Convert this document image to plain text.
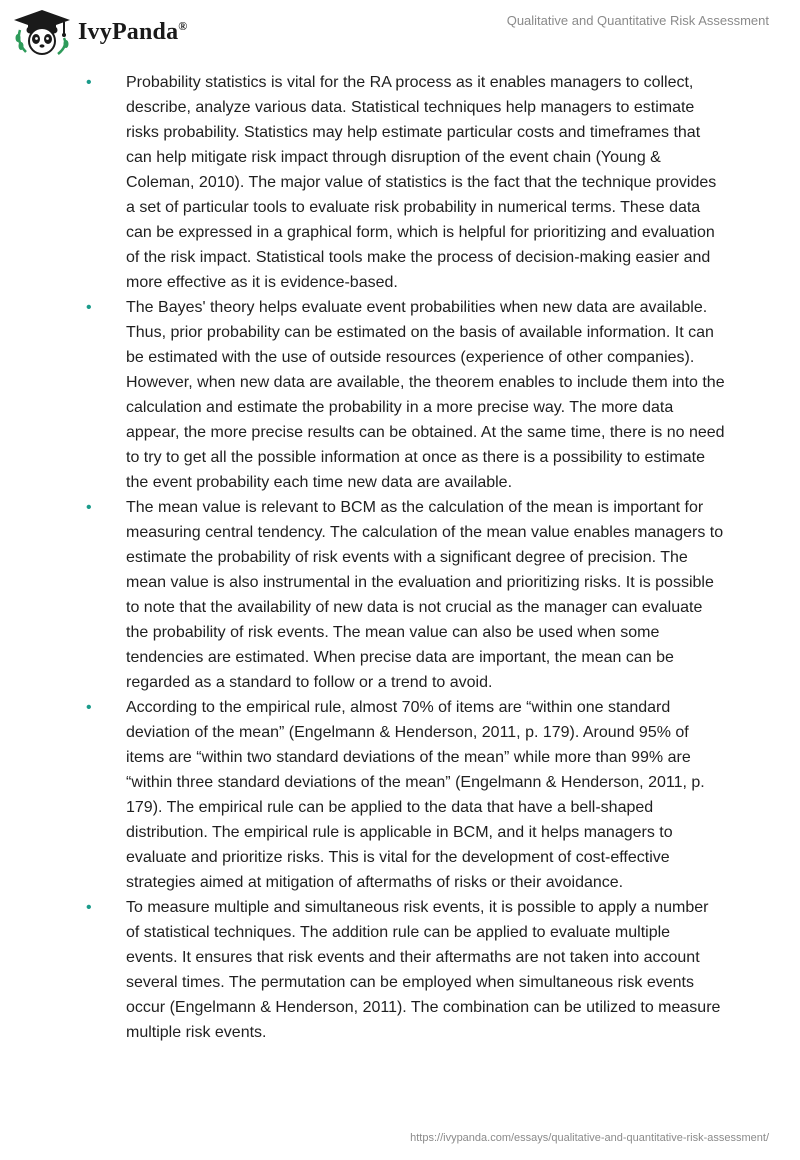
IvyPanda®	Qualitative and Quantitative Risk Assessment
• Probability statistics is vital for the RA process as it enables managers to collect, describe, analyze various data. Statistical techniques help managers to estimate risks probability. Statistics may help estimate particular costs and timeframes that can help mitigate risk impact through disruption of the event chain (Young & Coleman, 2010). The major value of statistics is the fact that the technique provides a set of particular tools to evaluate risk probability in numerical terms. These data can be expressed in a graphical form, which is helpful for prioritizing and evaluation of the risk impact. Statistical tools make the process of decision-making easier and more effective as it is evidence-based.

• The Bayes' theory helps evaluate event probabilities when new data are available. Thus, prior probability can be estimated on the basis of available information. It can be estimated with the use of outside resources (experience of other companies). However, when new data are available, the theorem enables to include them into the calculation and estimate the probability in a more precise way. The more data appear, the more precise results can be obtained. At the same time, there is no need to try to get all the possible information at once as there is a possibility to estimate the event probability each time new data are available.

• The mean value is relevant to BCM as the calculation of the mean is important for measuring central tendency. The calculation of the mean value enables managers to estimate the probability of risk events with a significant degree of precision. The mean value is also instrumental in the evaluation and prioritizing risks. It is possible to note that the availability of new data is not crucial as the manager can evaluate the probability of risk events. The mean value can also be used when some tendencies are estimated. When precise data are important, the mean can be regarded as a standard to follow or a trend to avoid.

• According to the empirical rule, almost 70% of items are “within one standard deviation of the mean” (Engelmann & Henderson, 2011, p. 179). Around 95% of items are “within two standard deviations of the mean” while more than 99% are “within three standard deviations of the mean” (Engelmann & Henderson, 2011, p. 179). The empirical rule can be applied to the data that have a bell-shaped distribution. The empirical rule is applicable in BCM, and it helps managers to evaluate and prioritize risks. This is vital for the development of cost-effective strategies aimed at mitigation of aftermaths of risks or their avoidance.

• To measure multiple and simultaneous risk events, it is possible to apply a number of statistical techniques. The addition rule can be applied to evaluate multiple events. It ensures that risk events and their aftermaths are not taken into account several times. The permutation can be employed when simultaneous risk events occur (Engelmann & Henderson, 2011). The combination can be utilized to measure multiple risk events.

https://ivypanda.com/essays/qualitative-and-quantitative-risk-assessment/
